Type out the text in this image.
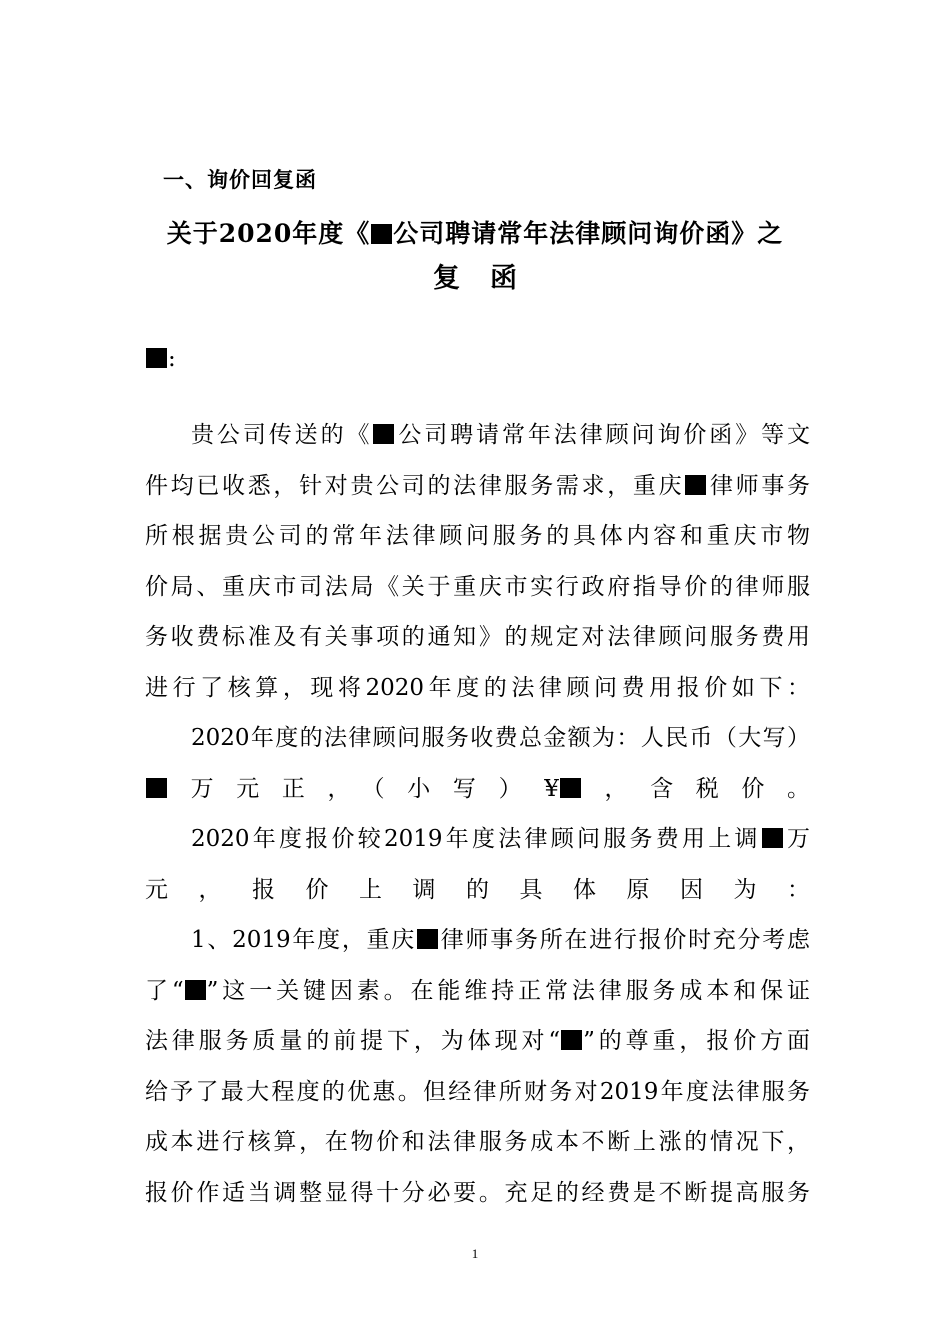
一、询价回复函
关于2020年度《 公司聘请常年法律顾问询价函》之
复函
:
贵公司传送的《 公司聘请常年法律顾问询价函》等文
件均已收悉，针对贵公司的法律服务需求，重庆 律师事务
所根据贵公司的常年法律顾问服务的具体内容和重庆市物
价局、重庆市司法局《关于重庆市实行政府指导价的律师服
务收费标准及有关事项的通知》的规定对法律顾问服务费用
进行了核算，现将2020年度的法律顾问费用报价如下：
2020年度的法律顾问服务收费总金额为：人民币（大写）
万元正，（小写）¥ ，含税价。
2020年度报价较2019年度法律顾问服务费用上调 万
元，报价上调的具体原因为：
1、2019年度，重庆 律师事务所在进行报价时充分考虑
了“ ”这一关键因素。在能维持正常法律服务成本和保证
法律服务质量的前提下，为体现对“ ”的尊重，报价方面
给予了最大程度的优惠。但经律所财务对2019年度法律服务
成本进行核算，在物价和法律服务成本不断上涨的情况下，
报价作适当调整显得十分必要。充足的经费是不断提高服务
1
